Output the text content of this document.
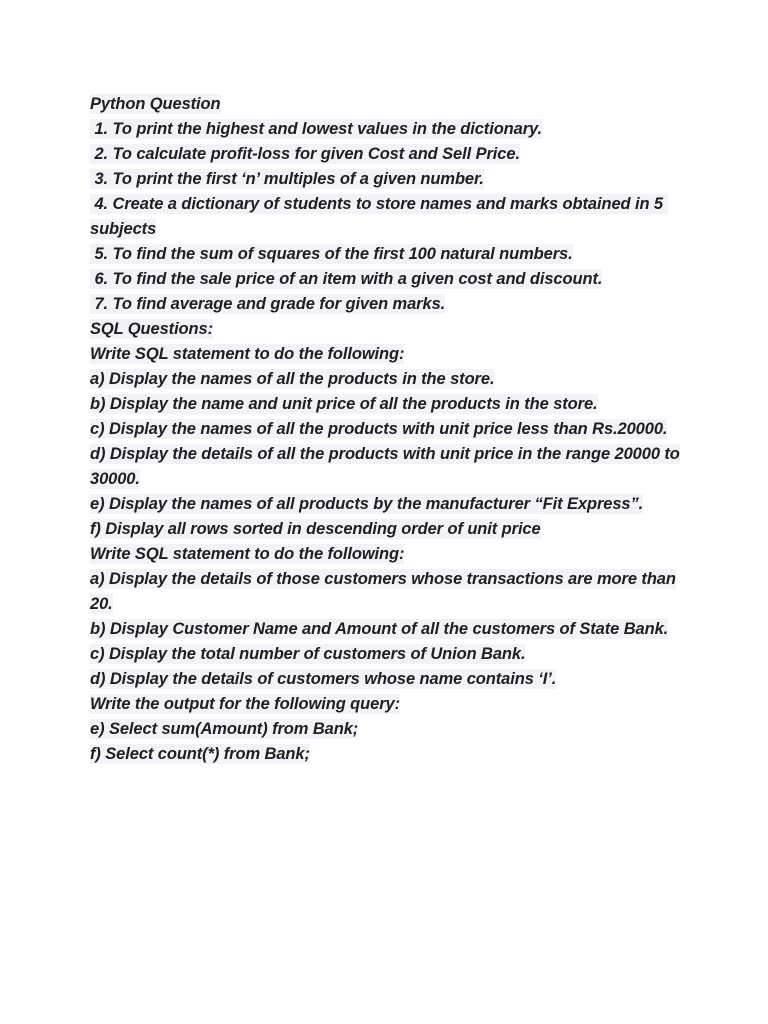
Python Question
1. To print the highest and lowest values in the dictionary.
2. To calculate profit-loss for given Cost and Sell Price.
3. To print the first ‘n’ multiples of a given number.
4. Create a dictionary of students to store names and marks obtained in 5 subjects
5. To find the sum of squares of the first 100 natural numbers.
6. To find the sale price of an item with a given cost and discount.
7. To find average and grade for given marks.
SQL Questions:
Write SQL statement to do the following:
a) Display the names of all the products in the store.
b) Display the name and unit price of all the products in the store.
c) Display the names of all the products with unit price less than Rs.20000.
d) Display the details of all the products with unit price in the range 20000 to 30000.
e) Display the names of all products by the manufacturer “Fit Express”.
f) Display all rows sorted in descending order of unit price
Write SQL statement to do the following:
a) Display the details of those customers whose transactions are more than 20.
b) Display Customer Name and Amount of all the customers of State Bank.
c) Display the total number of customers of Union Bank.
d) Display the details of customers whose name contains ‘I’.
Write the output for the following query:
e) Select sum(Amount) from Bank;
f) Select count(*) from Bank;
